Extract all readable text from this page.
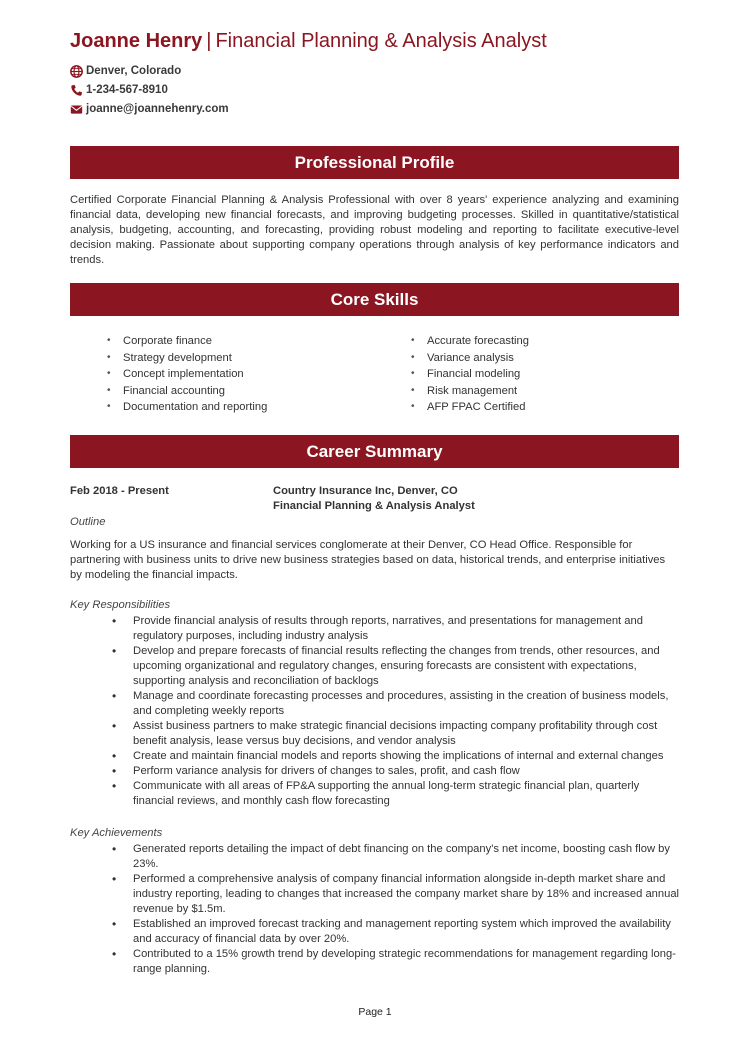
Joanne Henry | Financial Planning & Analysis Analyst
Denver, Colorado
1-234-567-8910
joanne@joannehenry.com
Professional Profile
Certified Corporate Financial Planning & Analysis Professional with over 8 years' experience analyzing and examining financial data, developing new financial forecasts, and improving budgeting processes. Skilled in quantitative/statistical analysis, budgeting, accounting, and forecasting, providing robust modeling and reporting to facilitate executive-level decision making. Passionate about supporting company operations through analysis of key performance indicators and trends.
Core Skills
• Corporate finance
• Strategy development
• Concept implementation
• Financial accounting
• Documentation and reporting
• Accurate forecasting
• Variance analysis
• Financial modeling
• Risk management
• AFP FPAC Certified
Career Summary
Feb 2018 - Present	Country Insurance Inc, Denver, CO
Financial Planning & Analysis Analyst
Outline
Working for a US insurance and financial services conglomerate at their Denver, CO Head Office. Responsible for partnering with business units to drive new business strategies based on data, historical trends, and enterprise initiatives by modeling the financial impacts.
Key Responsibilities
• Provide financial analysis of results through reports, narratives, and presentations for management and regulatory purposes, including industry analysis
• Develop and prepare forecasts of financial results reflecting the changes from trends, other resources, and upcoming organizational and regulatory changes, ensuring forecasts are consistent with expectations, supporting analysis and reconciliation of backlogs
• Manage and coordinate forecasting processes and procedures, assisting in the creation of business models, and completing weekly reports
• Assist business partners to make strategic financial decisions impacting company profitability through cost benefit analysis, lease versus buy decisions, and vendor analysis
• Create and maintain financial models and reports showing the implications of internal and external changes
• Perform variance analysis for drivers of changes to sales, profit, and cash flow
• Communicate with all areas of FP&A supporting the annual long-term strategic financial plan, quarterly financial reviews, and monthly cash flow forecasting
Key Achievements
• Generated reports detailing the impact of debt financing on the company's net income, boosting cash flow by 23%.
• Performed a comprehensive analysis of company financial information alongside in-depth market share and industry reporting, leading to changes that increased the company market share by 18% and increased annual revenue by $1.5m.
• Established an improved forecast tracking and management reporting system which improved the availability and accuracy of financial data by over 20%.
• Contributed to a 15% growth trend by developing strategic recommendations for management regarding long-range planning.
Page 1
